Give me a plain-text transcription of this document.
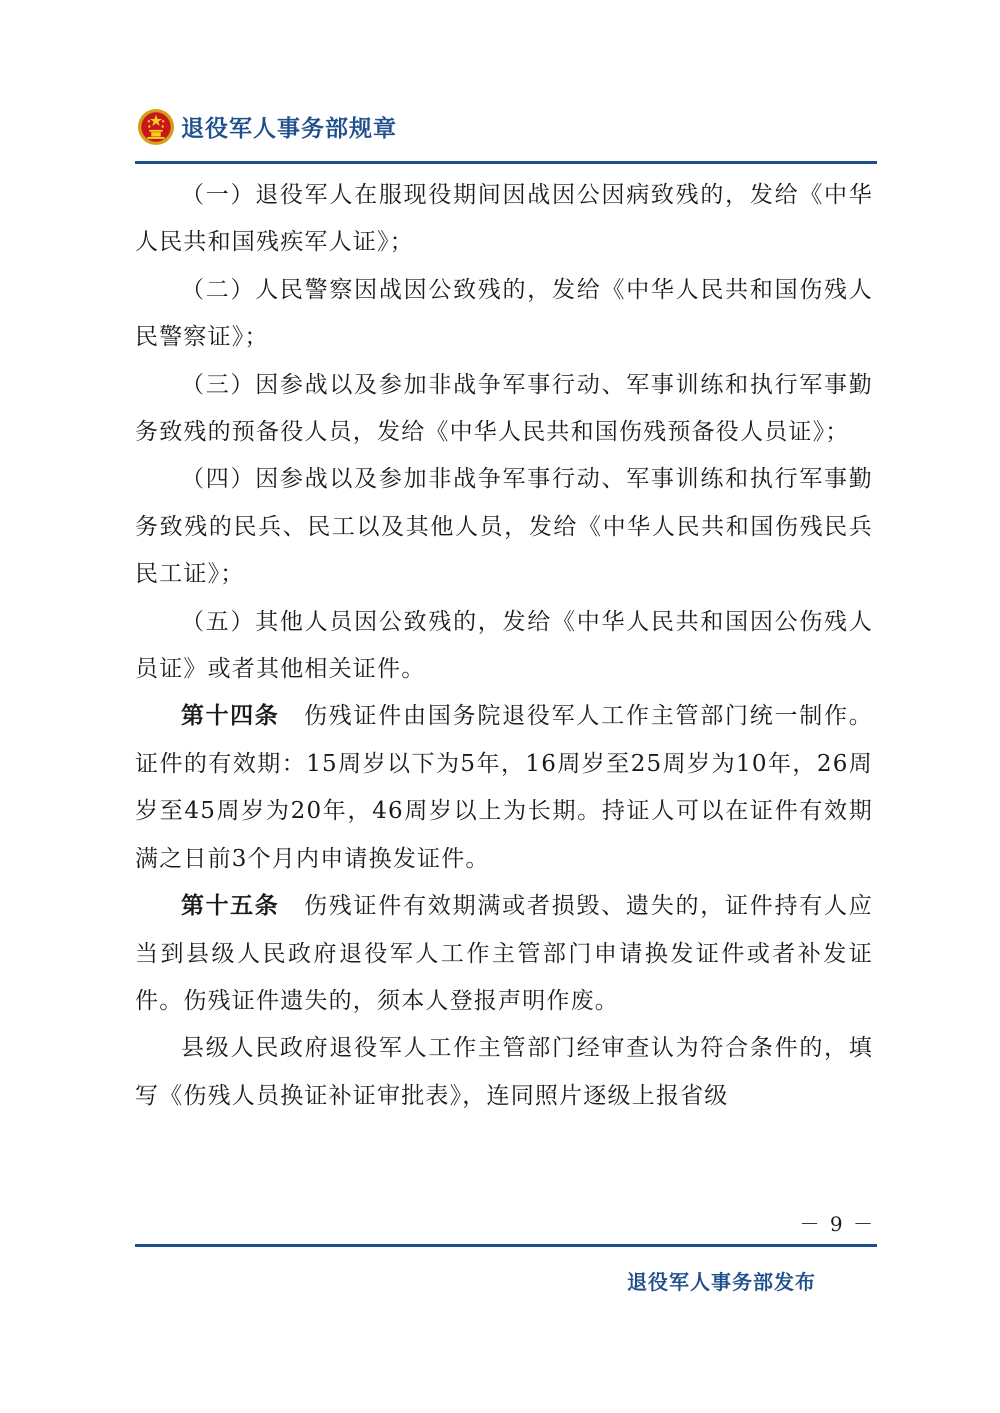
退役军人事务部规章

（一）退役军人在服现役期间因战因公因病致残的，发给《中华人民共和国残疾军人证》；

（二）人民警察因战因公致残的，发给《中华人民共和国伤残人民警察证》；

（三）因参战以及参加非战争军事行动、军事训练和执行军事勤务致残的预备役人员，发给《中华人民共和国伤残预备役人员证》；

（四）因参战以及参加非战争军事行动、军事训练和执行军事勤务致残的民兵、民工以及其他人员，发给《中华人民共和国伤残民兵民工证》；

（五）其他人员因公致残的，发给《中华人民共和国因公伤残人员证》或者其他相关证件。

第十四条　 伤残证件由国务院退役军人工作主管部门统一制作。证件的有效期：15周岁以下为5年，16周岁至25周岁为10年，26周岁至45周岁为20年，46周岁以上为长期。持证人可以在证件有效期满之日前3个月内申请换发证件。

第十五条　 伤残证件有效期满或者损毁、遗失的，证件持有人应当到县级人民政府退役军人工作主管部门申请换发证件或者补发证件。伤残证件遗失的，须本人登报声明作废。

县级人民政府退役军人工作主管部门经审查认为符合条件的，填写《伤残人员换证补证审批表》，连同照片逐级上报省级

－ 9 －
退役军人事务部发布
